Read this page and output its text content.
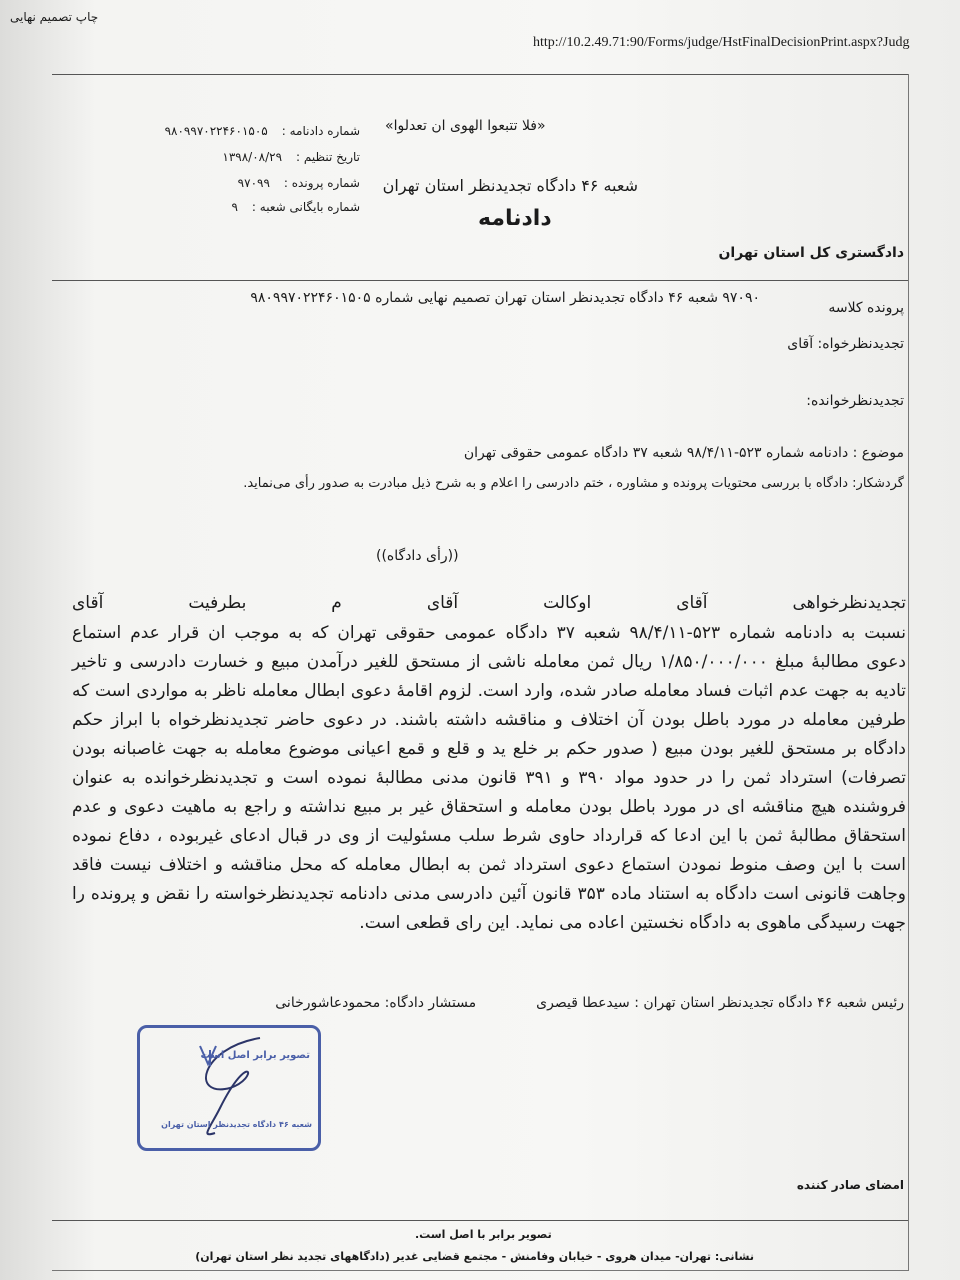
چاپ تصمیم نهایی
http://10.2.49.71:90/Forms/judge/HstFinalDecisionPrint.aspx?Judg
«فلا تتبعوا الهوی ان تعدلوا»
شعبه ۴۶ دادگاه تجدیدنظر استان تهران
دادنامه
شماره دادنامه :
۹۸۰۹۹۷۰۲۲۴۶۰۱۵۰۵
تاریخ تنظیم :
۱۳۹۸/۰۸/۲۹
شماره پرونده :
۹۷۰۹۹
شماره بایگانی شعبه :
۹
دادگستری کل استان تهران
پرونده کلاسه
۹۷۰۹۰ شعبه ۴۶ دادگاه تجدیدنظر استان تهران تصمیم نهایی شماره ۹۸۰۹۹۷۰۲۲۴۶۰۱۵۰۵
تجدیدنظرخواه: آقای
تجدیدنظرخوانده:
موضوع : دادنامه شماره ۵۲۳-۹۸/۴/۱۱ شعبه ۳۷ دادگاه عمومی حقوقی تهران
گردشکار: دادگاه با بررسی محتویات پرونده و مشاوره ، ختم دادرسی را اعلام و به شرح ذیل مبادرت به صدور رأی می‌نماید.
((رأی دادگاه))
تجدیدنظرخواهی آقای اوکالت آقای م بطرفیت آقای
نسبت به دادنامه شماره ۵۲۳-۹۸/۴/۱۱ شعبه ۳۷ دادگاه عمومی حقوقی تهران که به موجب ان قرار عدم استماع
دعوی مطالبهٔ مبلغ ۱/۸۵۰/۰۰۰/۰۰۰ ریال ثمن معامله ناشی از مستحق للغیر درآمدن مبیع و خسارت دادرسی و تاخیر
تادیه به جهت عدم اثبات فساد معامله صادر شده، وارد است. لزوم اقامهٔ دعوی ابطال معامله ناظر به مواردی است که
طرفین معامله در مورد باطل بودن آن اختلاف و مناقشه داشته باشند. در دعوی حاضر تجدیدنظرخواه با ابراز حکم
دادگاه بر مستحق للغیر بودن مبیع ( صدور حکم بر خلع ید و قلع و قمع اعیانی موضوع معامله به جهت غاصبانه بودن
تصرفات) استرداد ثمن را در حدود مواد ۳۹۰ و ۳۹۱ قانون مدنی مطالبهٔ نموده است و تجدیدنظرخوانده به عنوان
فروشنده هیچ مناقشه ای در مورد باطل بودن معامله و استحقاق غیر بر مبیع نداشته و راجع به ماهیت دعوی و عدم
استحقاق مطالبهٔ ثمن با این ادعا که قرارداد حاوی شرط سلب مسئولیت از وی در قبال ادعای غیربوده ، دفاع نموده
است با این وصف منوط نمودن استماع دعوی استرداد ثمن به ابطال معامله که محل مناقشه و اختلاف نیست فاقد
وجاهت قانونی است دادگاه به استناد ماده ۳۵۳ قانون آئین دادرسی مدنی دادنامه تجدیدنظرخواسته را نقض و پرونده را
جهت رسیدگی ماهوی به دادگاه نخستین اعاده می نماید. این رای قطعی است.
رئیس شعبه ۴۶ دادگاه تجدیدنظر استان تهران : سیدعطا قیصری
مستشار دادگاه: محمودعاشورخانی
تصویر برابر اصل است
شعبه ۴۶ دادگاه تجدیدنظر استان تهران
امضای صادر کننده
تصویر برابر با اصل است.
نشانی: تهران- میدان هروی - خیابان وفامنش - مجتمع قضایی غدیر (دادگاههای تجدید نظر استان تهران)
